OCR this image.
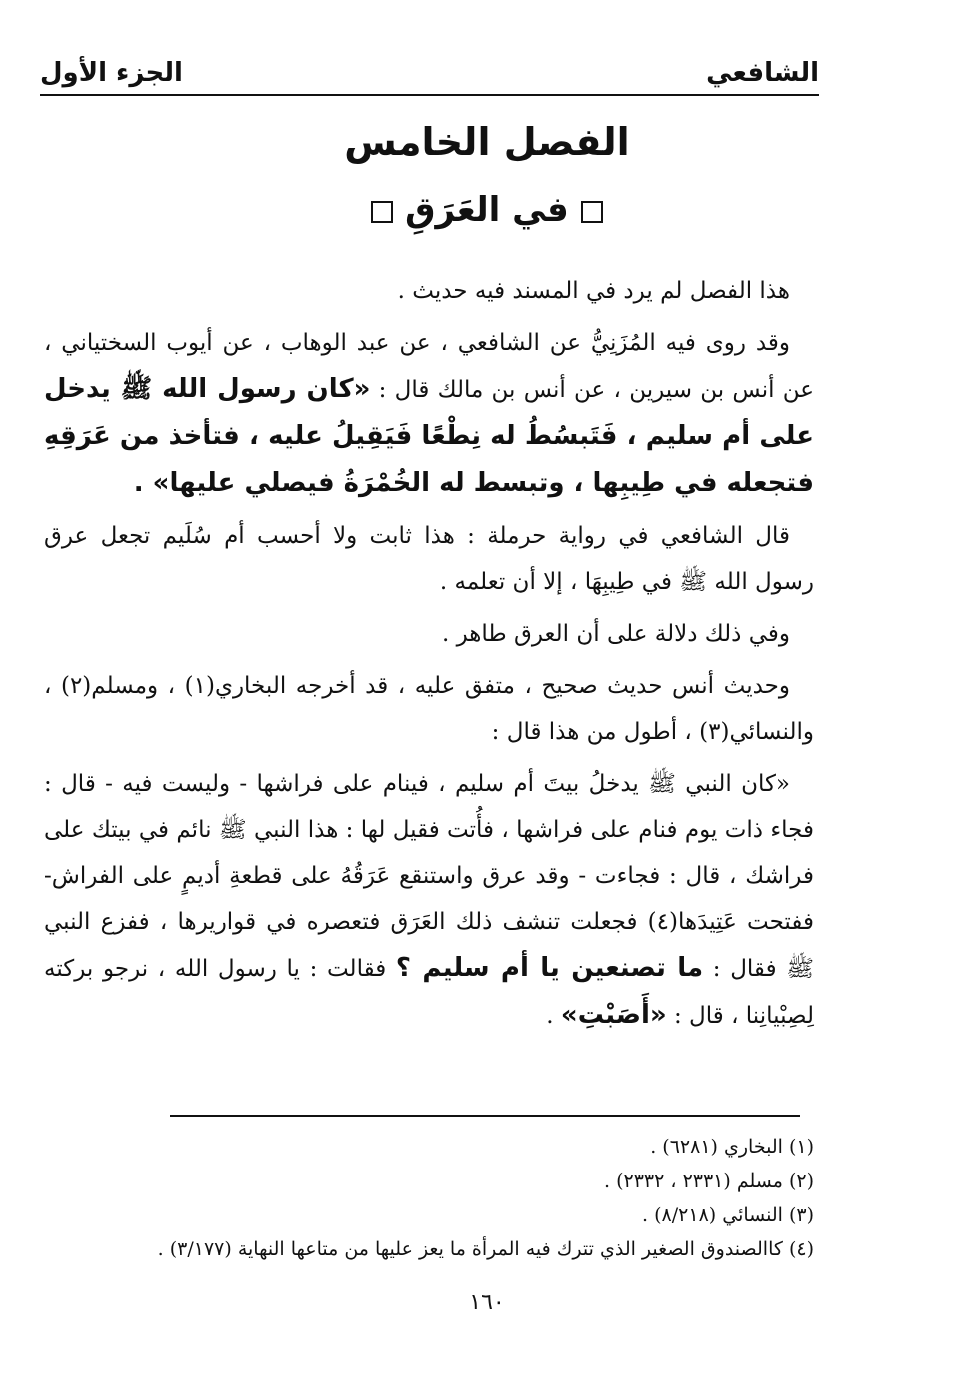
الشافعي
الجزء الأول
الفصل الخامس
في العَرَقِ

هذا الفصل لم يرد في المسند فيه حديث .

وقد روى فيه المُزَنِيُّ عن الشافعي ، عن عبد الوهاب ، عن أيوب السختياني ، عن أنس بن سيرين ، عن أنس بن مالك قال : «كان رسول الله ﷺ يدخل على أم سليم ، فَتَبسُطُ له نِطْعًا فَيَقِيلُ عليه ، فتأخذ من عَرَقِهِ فتجعله في طِيبِها ، وتبسط له الخُمْرَةُ فيصلي عليها» .

قال الشافعي في رواية حرملة : هذا ثابت ولا أحسب أم سُلَيم تجعل عرق رسول الله ﷺ في طِيبِهَا ، إلا أن تعلمه .

وفي ذلك دلالة على أن العرق طاهر .

وحديث أنس حديث صحيح ، متفق عليه ، قد أخرجه البخاري(١) ، ومسلم(٢) ، والنسائي(٣) ، أطول من هذا قال :

«كان النبي ﷺ يدخلُ بيتَ أم سليم ، فينام على فراشها - وليست فيه - قال : فجاء ذات يوم فنام على فراشها ، فأُتت فقيل لها : هذا النبي ﷺ نائم في بيتك على فراشك ، قال : فجاءت - وقد عرق واستنقع عَرَقُهُ على قطعةِ أديمٍ على الفراش- ففتحت عَتِيدَها(٤) فجعلت تنشف ذلك العَرَق فتعصره في قواريرها ، ففزع النبي ﷺ فقال : ما تصنعين يا أم سليم ؟ فقالت : يا رسول الله ، نرجو بركته لِصِبْيانِنا ، قال : «أَصَبْتِ» .

(١) البخاري (٦٢٨١) .
(٢) مسلم (٢٣٣١ ، ٢٣٣٢) .
(٣) النسائي (٨/٢١٨) .
(٤) كاالصندوق الصغير الذي تترك فيه المرأة ما يعز عليها من متاعها النهاية (٣/١٧٧) .
١٦٠
